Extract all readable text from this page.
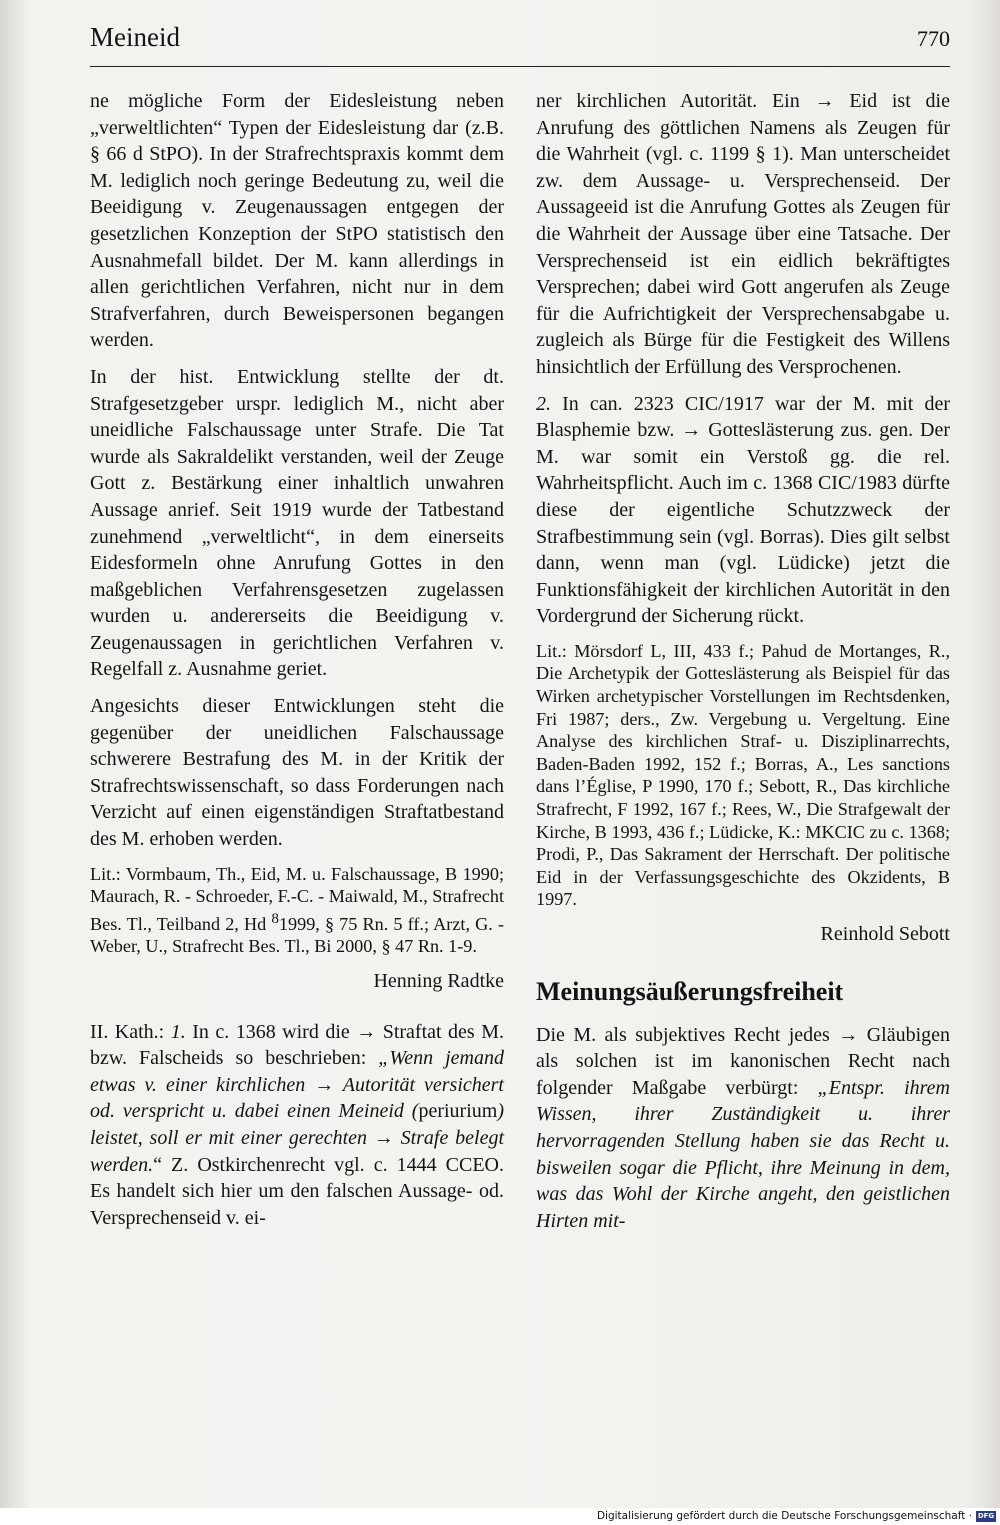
Meineid	770

ne mögliche Form der Eidesleistung neben „verweltlichten“ Typen der Eidesleistung dar (z.B. § 66 d StPO). In der Strafrechtspraxis kommt dem M. lediglich noch geringe Bedeutung zu, weil die Beeidigung v. Zeugenaussagen entgegen der gesetzlichen Konzeption der StPO statistisch den Ausnahmefall bildet. Der M. kann allerdings in allen gerichtlichen Verfahren, nicht nur in dem Strafverfahren, durch Beweispersonen begangen werden.

In der hist. Entwicklung stellte der dt. Strafgesetzgeber urspr. lediglich M., nicht aber uneidliche Falschaussage unter Strafe. Die Tat wurde als Sakraldelikt verstanden, weil der Zeuge Gott z. Bestärkung einer inhaltlich unwahren Aussage anrief. Seit 1919 wurde der Tatbestand zunehmend „verweltlicht“, in dem einerseits Eidesformeln ohne Anrufung Gottes in den maßgeblichen Verfahrensgesetzen zugelassen wurden u. andererseits die Beeidigung v. Zeugenaussagen in gerichtlichen Verfahren v. Regelfall z. Ausnahme geriet.

Angesichts dieser Entwicklungen steht die gegenüber der uneidlichen Falschaussage schwerere Bestrafung des M. in der Kritik der Strafrechtswissenschaft, so dass Forderungen nach Verzicht auf einen eigenständigen Straftatbestand des M. erhoben werden.

Lit.: Vormbaum, Th., Eid, M. u. Falschaussage, B 1990; Maurach, R. - Schroeder, F.-C. - Maiwald, M., Strafrecht Bes. Tl., Teilband 2, Hd $^8$1999, § 75 Rn. 5 ff.; Arzt, G. - Weber, U., Strafrecht Bes. Tl., Bi 2000, § 47 Rn. 1-9.

Henning Radtke

II. Kath.: 1. In c. 1368 wird die → Straftat des M. bzw. Falscheids so beschrieben: „Wenn jemand etwas v. einer kirchlichen → Autorität versichert od. verspricht u. dabei einen Meineid (periurium) leistet, soll er mit einer gerechten → Strafe belegt werden.“ Z. Ostkirchenrecht vgl. c. 1444 CCEO. Es handelt sich hier um den falschen Aussage- od. Versprechenseid v. ei-

ner kirchlichen Autorität. Ein → Eid ist die Anrufung des göttlichen Namens als Zeugen für die Wahrheit (vgl. c. 1199 § 1). Man unterscheidet zw. dem Aussage- u. Versprechenseid. Der Aussageeid ist die Anrufung Gottes als Zeugen für die Wahrheit der Aussage über eine Tatsache. Der Versprechenseid ist ein eidlich bekräftigtes Versprechen; dabei wird Gott angerufen als Zeuge für die Aufrichtigkeit der Versprechensabgabe u. zugleich als Bürge für die Festigkeit des Willens hinsichtlich der Erfüllung des Versprochenen.

2. In can. 2323 CIC/1917 war der M. mit der Blasphemie bzw. → Gotteslästerung zus. gen. Der M. war somit ein Verstoß gg. die rel. Wahrheitspflicht. Auch im c. 1368 CIC/1983 dürfte diese der eigentliche Schutzzweck der Strafbestimmung sein (vgl. Borras). Dies gilt selbst dann, wenn man (vgl. Lüdicke) jetzt die Funktionsfähigkeit der kirchlichen Autorität in den Vordergrund der Sicherung rückt.

Lit.: Mörsdorf L, III, 433 f.; Pahud de Mortanges, R., Die Archetypik der Gotteslästerung als Beispiel für das Wirken archetypischer Vorstellungen im Rechtsdenken, Fri 1987; ders., Zw. Vergebung u. Vergeltung. Eine Analyse des kirchlichen Straf- u. Disziplinarrechts, Baden-Baden 1992, 152 f.; Borras, A., Les sanctions dans l’Église, P 1990, 170 f.; Sebott, R., Das kirchliche Strafrecht, F 1992, 167 f.; Rees, W., Die Strafgewalt der Kirche, B 1993, 436 f.; Lüdicke, K.: MKCIC zu c. 1368; Prodi, P., Das Sakrament der Herrschaft. Der politische Eid in der Verfassungsgeschichte des Okzidents, B 1997.

Reinhold Sebott

Meinungsäußerungsfreiheit

Die M. als subjektives Recht jedes → Gläubigen als solchen ist im kanonischen Recht nach folgender Maßgabe verbürgt: „Entspr. ihrem Wissen, ihrer Zuständigkeit u. ihrer hervorragenden Stellung haben sie das Recht u. bisweilen sogar die Pflicht, ihre Meinung in dem, was das Wohl der Kirche angeht, den geistlichen Hirten mit-

Digitalisierung gefördert durch die Deutsche Forschungsgemeinschaft · DFG
